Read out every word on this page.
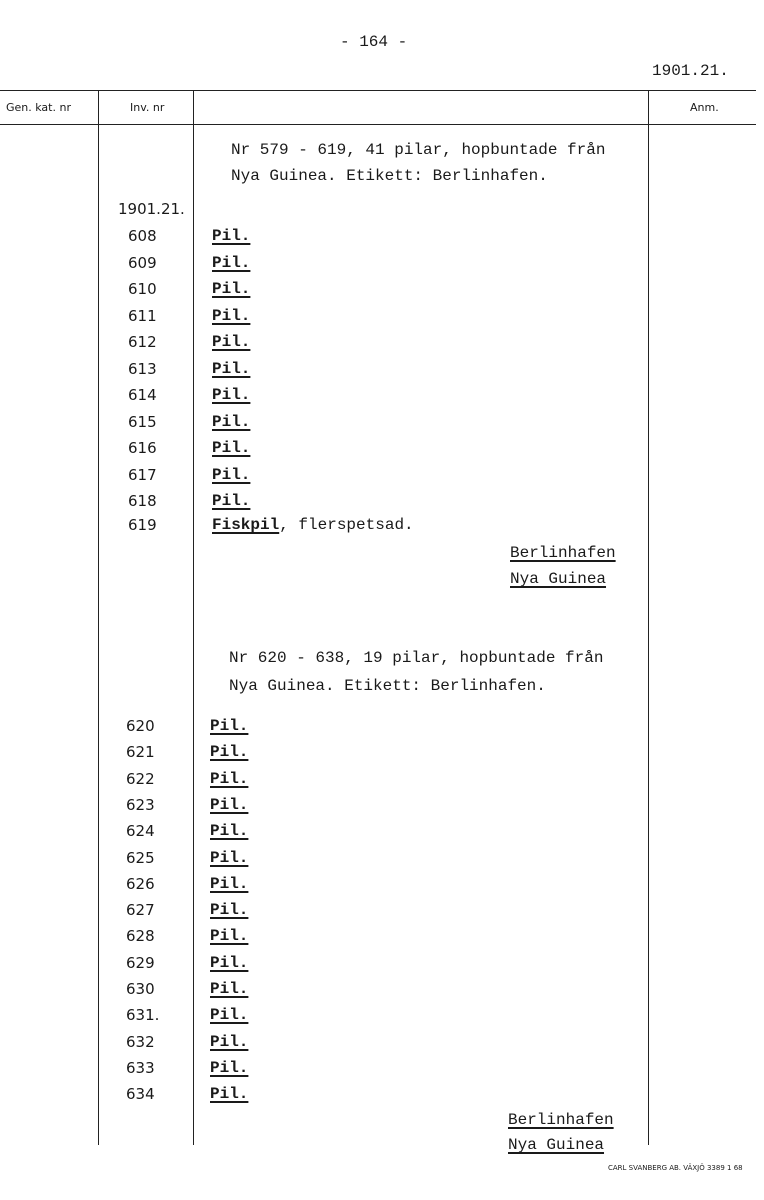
- 164 -
1901.21.
Gen. kat. nr	Inv. nr	Anm.
Nr 579 - 619, 41 pilar, hopbuntade från
Nya Guinea. Etikett: Berlinhafen.
1901.21.
608	Pil.
609	Pil.
610	Pil.
611	Pil.
612	Pil.
613	Pil.
614	Pil.
615	Pil.
616	Pil.
617	Pil.
618	Pil.
619	Fiskpil, flerspetsad.
Berlinhafen
Nya Guinea
Nr 620 - 638, 19 pilar, hopbuntade från
Nya Guinea. Etikett: Berlinhafen.
620	Pil.
621	Pil.
622	Pil.
623	Pil.
624	Pil.
625	Pil.
626	Pil.
627	Pil.
628	Pil.
629	Pil.
630	Pil.
631.	Pil.
632	Pil.
633	Pil.
634	Pil.
Berlinhafen
Nya Guinea
CARL SVANBERG AB. VÄXJÖ 3389 1 68
